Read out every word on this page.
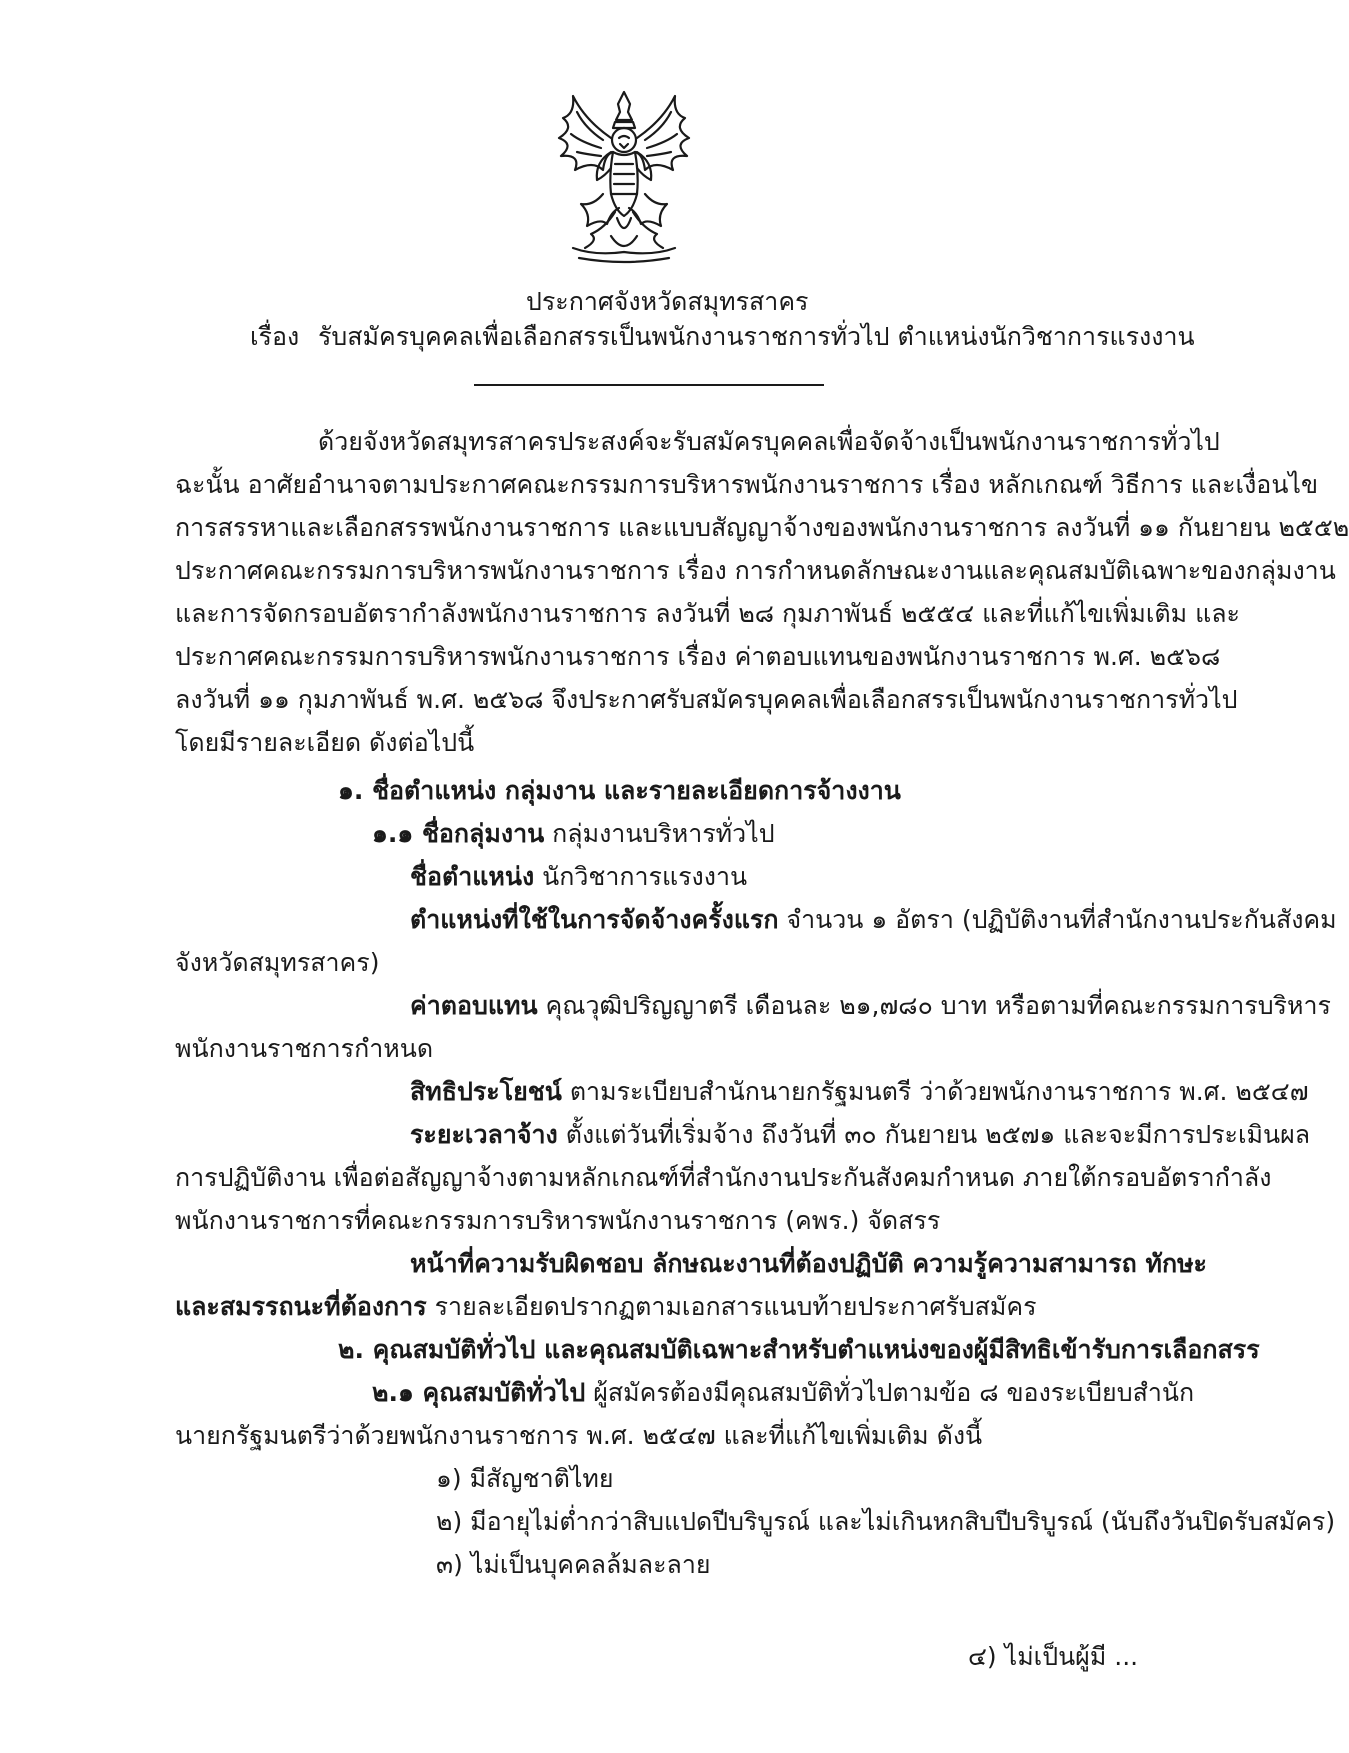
ประกาศจังหวัดสมุทรสาคร
เรื่อง รับสมัครบุคคลเพื่อเลือกสรรเป็นพนักงานราชการทั่วไป ตำแหน่งนักวิชาการแรงงาน
ด้วยจังหวัดสมุทรสาครประสงค์จะรับสมัครบุคคลเพื่อจัดจ้างเป็นพนักงานราชการทั่วไป
ฉะนั้น อาศัยอำนาจตามประกาศคณะกรรมการบริหารพนักงานราชการ เรื่อง หลักเกณฑ์ วิธีการ และเงื่อนไข
การสรรหาและเลือกสรรพนักงานราชการ และแบบสัญญาจ้างของพนักงานราชการ ลงวันที่ ๑๑ กันยายน ๒๕๕๒
ประกาศคณะกรรมการบริหารพนักงานราชการ เรื่อง การกำหนดลักษณะงานและคุณสมบัติเฉพาะของกลุ่มงาน
และการจัดกรอบอัตรากำลังพนักงานราชการ ลงวันที่ ๒๘ กุมภาพันธ์ ๒๕๕๔ และที่แก้ไขเพิ่มเติม และ
ประกาศคณะกรรมการบริหารพนักงานราชการ เรื่อง ค่าตอบแทนของพนักงานราชการ พ.ศ. ๒๕๖๘
ลงวันที่ ๑๑ กุมภาพันธ์ พ.ศ. ๒๕๖๘ จึงประกาศรับสมัครบุคคลเพื่อเลือกสรรเป็นพนักงานราชการทั่วไป
โดยมีรายละเอียด ดังต่อไปนี้
๑. ชื่อตำแหน่ง กลุ่มงาน และรายละเอียดการจ้างงาน
๑.๑ ชื่อกลุ่มงาน กลุ่มงานบริหารทั่วไป
ชื่อตำแหน่ง นักวิชาการแรงงาน
ตำแหน่งที่ใช้ในการจัดจ้างครั้งแรก จำนวน ๑ อัตรา (ปฏิบัติงานที่สำนักงานประกันสังคม
จังหวัดสมุทรสาคร)
ค่าตอบแทน คุณวุฒิปริญญาตรี เดือนละ ๒๑,๗๘๐ บาท หรือตามที่คณะกรรมการบริหาร
พนักงานราชการกำหนด
สิทธิประโยชน์ ตามระเบียบสำนักนายกรัฐมนตรี ว่าด้วยพนักงานราชการ พ.ศ. ๒๕๔๗
ระยะเวลาจ้าง ตั้งแต่วันที่เริ่มจ้าง ถึงวันที่ ๓๐ กันยายน ๒๕๗๑ และจะมีการประเมินผล
การปฏิบัติงาน เพื่อต่อสัญญาจ้างตามหลักเกณฑ์ที่สำนักงานประกันสังคมกำหนด ภายใต้กรอบอัตรากำลัง
พนักงานราชการที่คณะกรรมการบริหารพนักงานราชการ (คพร.) จัดสรร
หน้าที่ความรับผิดชอบ ลักษณะงานที่ต้องปฏิบัติ ความรู้ความสามารถ ทักษะ
และสมรรถนะที่ต้องการ รายละเอียดปรากฏตามเอกสารแนบท้ายประกาศรับสมัคร
๒. คุณสมบัติทั่วไป และคุณสมบัติเฉพาะสำหรับตำแหน่งของผู้มีสิทธิเข้ารับการเลือกสรร
๒.๑ คุณสมบัติทั่วไป ผู้สมัครต้องมีคุณสมบัติทั่วไปตามข้อ ๘ ของระเบียบสำนัก
นายกรัฐมนตรีว่าด้วยพนักงานราชการ พ.ศ. ๒๕๔๗ และที่แก้ไขเพิ่มเติม ดังนี้
๑) มีสัญชาติไทย
๒) มีอายุไม่ต่ำกว่าสิบแปดปีบริบูรณ์ และไม่เกินหกสิบปีบริบูรณ์ (นับถึงวันปิดรับสมัคร)
๓) ไม่เป็นบุคคลล้มละลาย
๔) ไม่เป็นผู้มี ...
